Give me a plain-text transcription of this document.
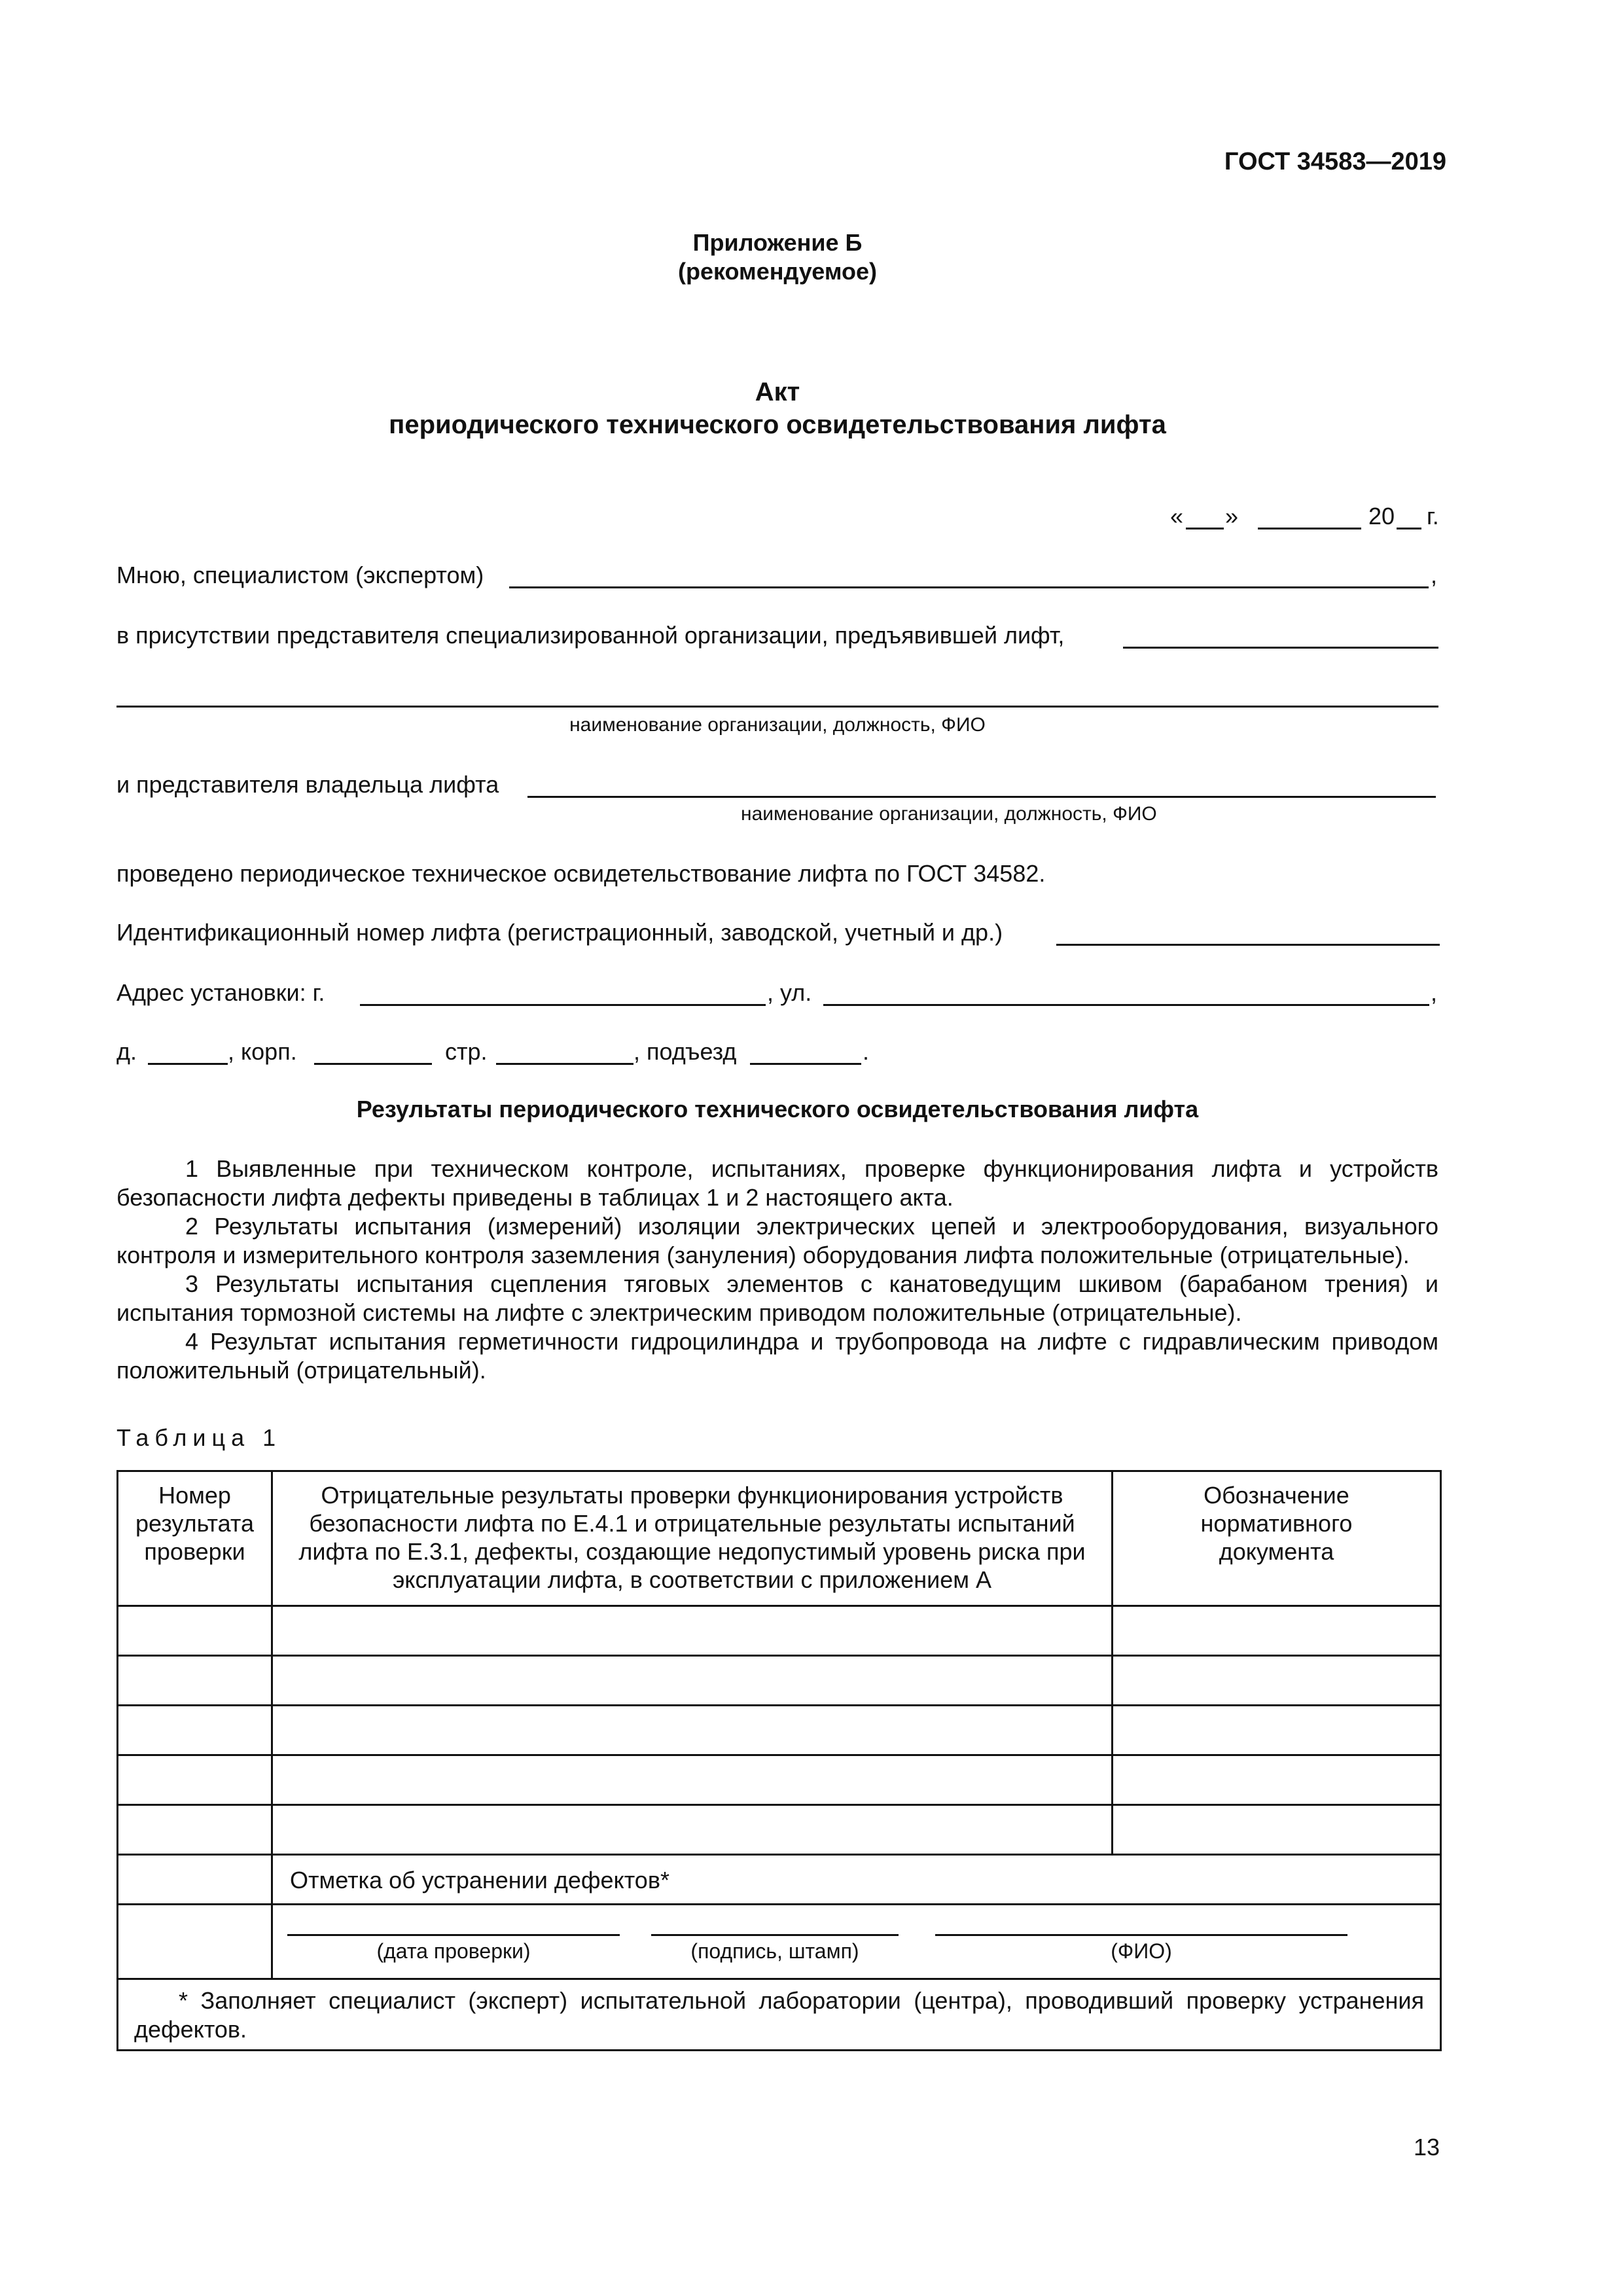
ГОСТ 34583—2019
Приложение Б
(рекомендуемое)
Акт
периодического технического освидетельствования лифта
« »	20 г.
Мною, специалистом (экспертом)	,
в присутствии представителя специализированной организации, предъявившей лифт,
наименование организации, должность, ФИО
и представителя владельца лифта
наименование организации, должность, ФИО
проведено периодическое техническое освидетельствование лифта по ГОСТ 34582.
Идентификационный номер лифта (регистрационный, заводской, учетный и др.)
Адрес установки: г.	, ул.	,
д.	, корп.	стр.	, подъезд	.
Результаты периодического технического освидетельствования лифта
1 Выявленные при техническом контроле, испытаниях, проверке функционирования лифта и устройств безопасности лифта дефекты приведены в таблицах 1 и 2 настоящего акта.
2 Результаты испытания (измерений) изоляции электрических цепей и электрооборудования, визуального контроля и измерительного контроля заземления (зануления) оборудования лифта положительные (отрицательные).
3 Результаты испытания сцепления тяговых элементов с канатоведущим шкивом (барабаном трения) и испытания тормозной системы на лифте с электрическим приводом положительные (отрицательные).
4 Результат испытания герметичности гидроцилиндра и трубопровода на лифте с гидравлическим приводом положительный (отрицательный).
Таблица 1
Номер результата проверки	Отрицательные результаты проверки функционирования устройств безопасности лифта по Е.4.1 и отрицательные результаты испытаний лифта по Е.3.1, дефекты, создающие недопустимый уровень риска при эксплуатации лифта, в соответствии с приложением А	Обозначение нормативного документа

	Отметка об устранении дефектов*	

	(дата проверки) (подпись, штамп) (ФИО)	

* Заполняет специалист (эксперт) испытательной лаборатории (центра), проводивший проверку устранения дефектов.		
13
